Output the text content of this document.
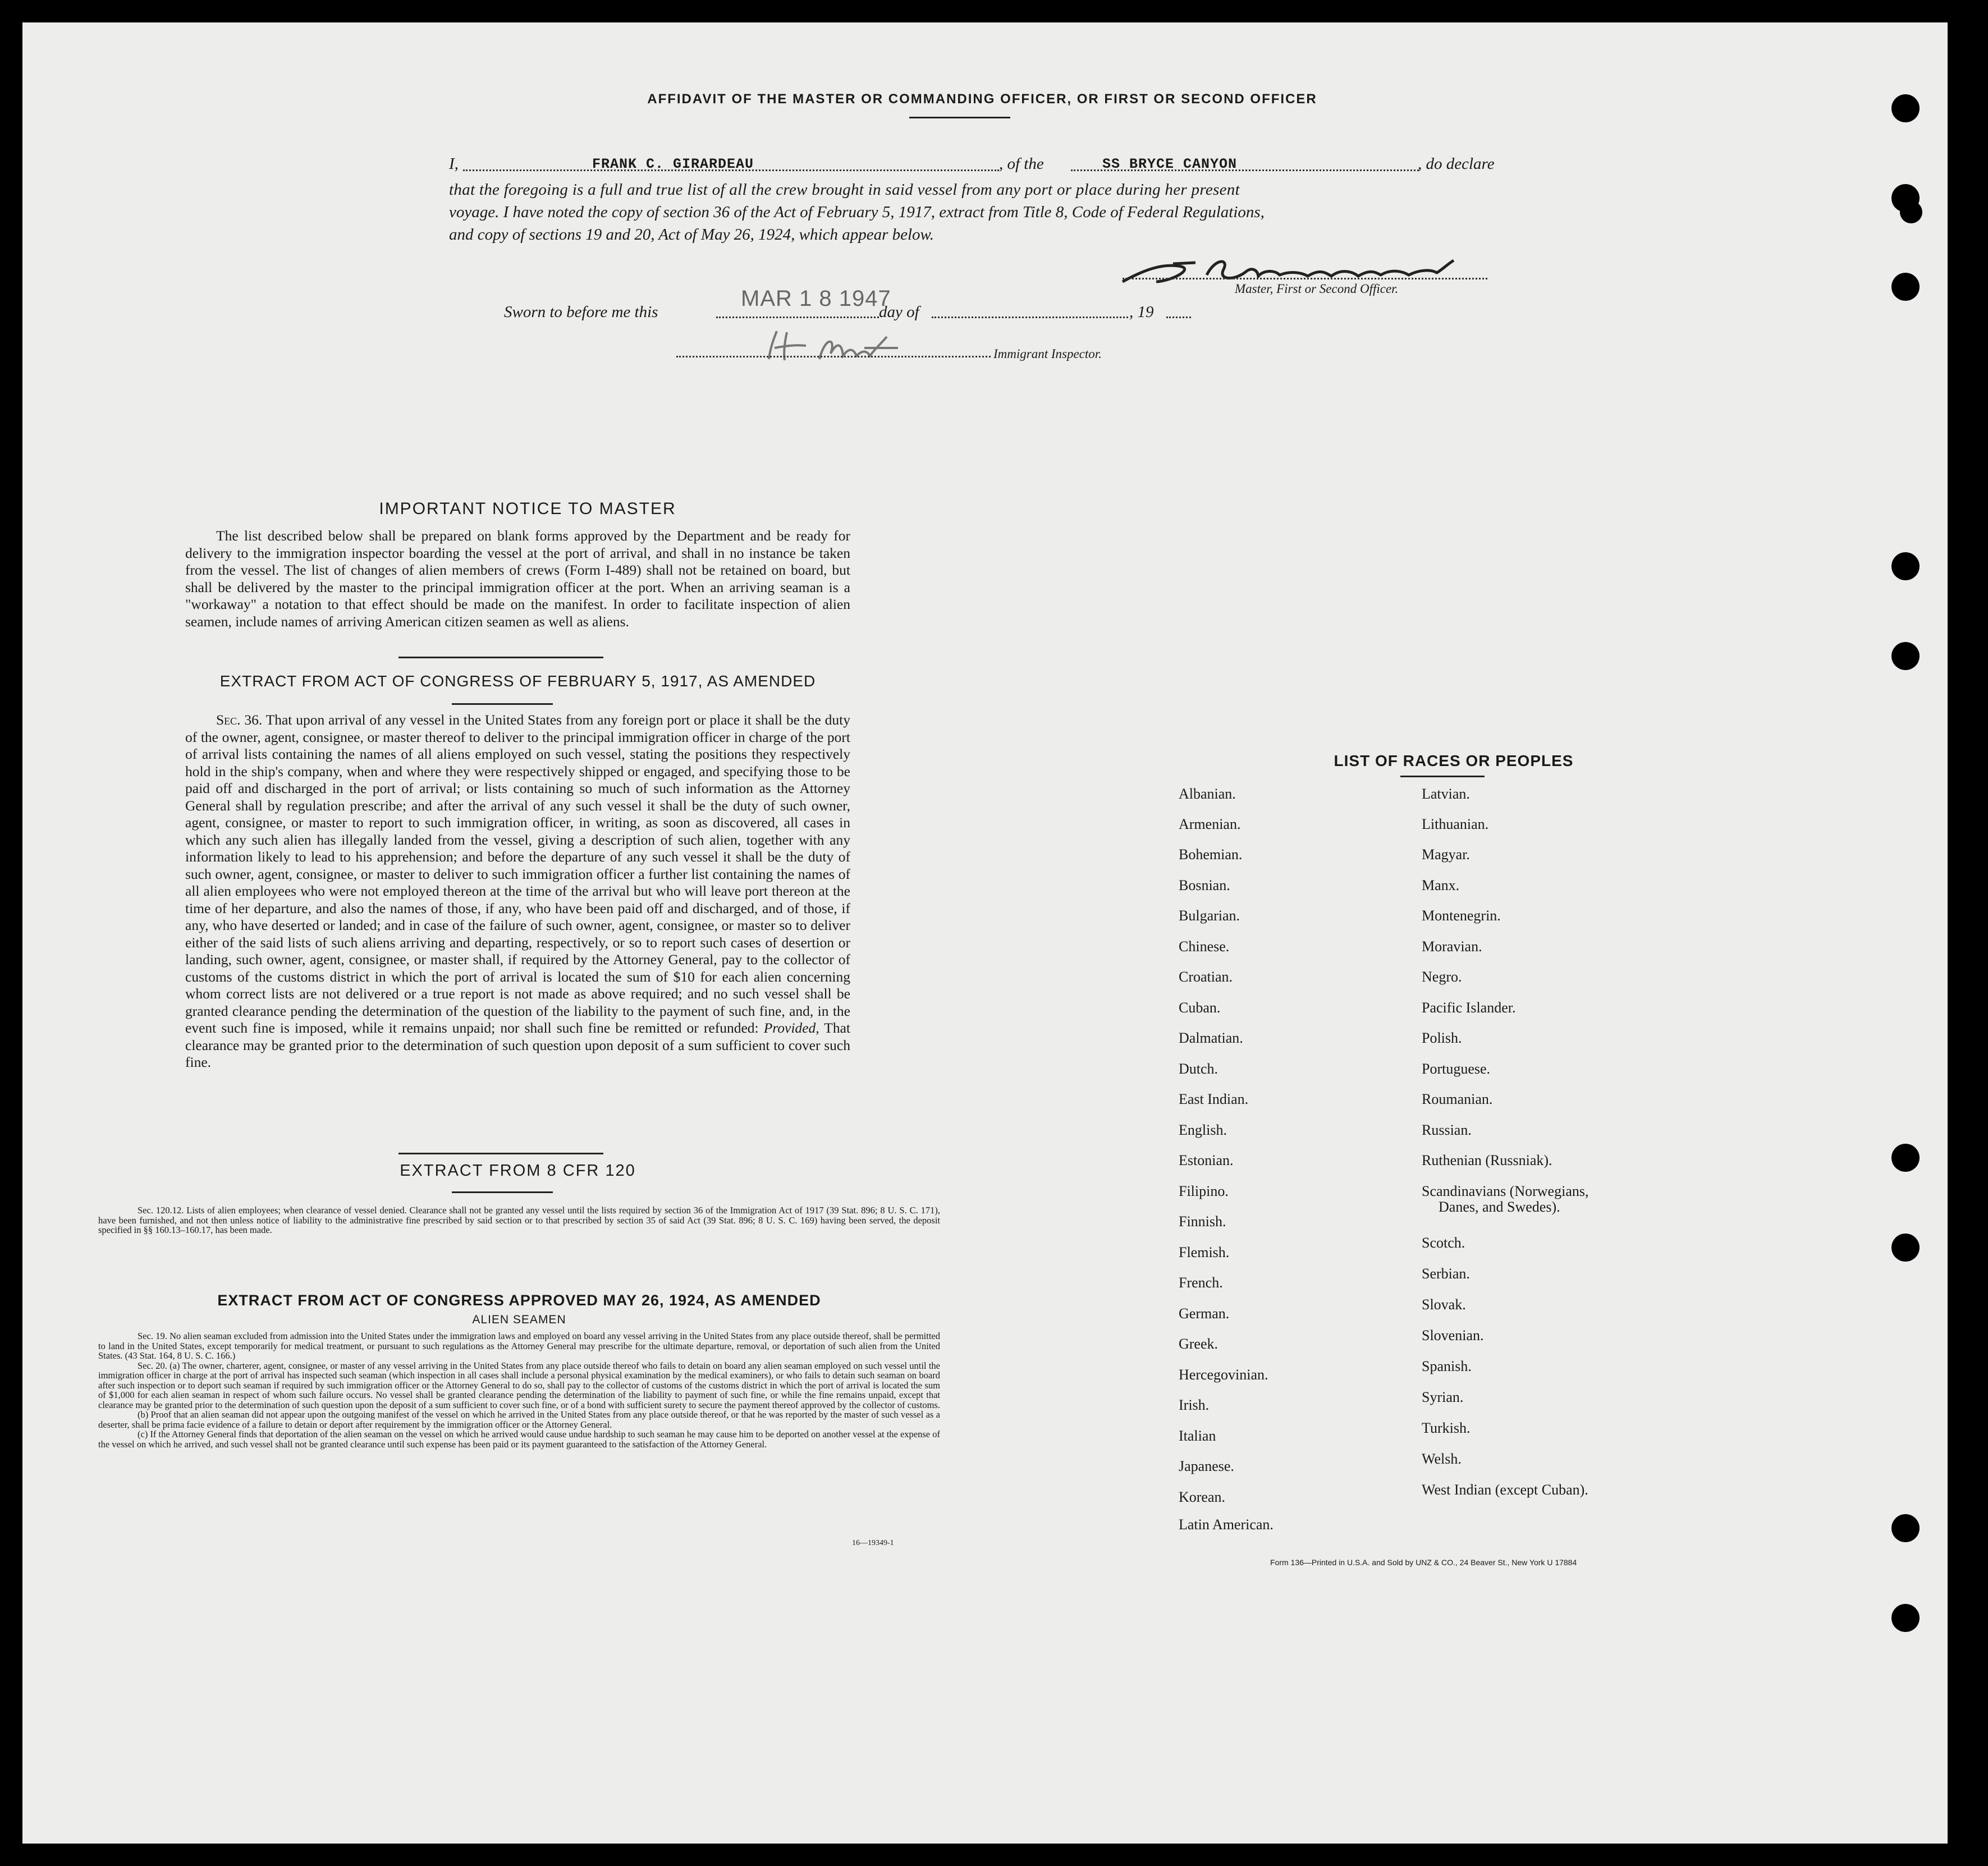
AFFIDAVIT OF THE MASTER OR COMMANDING OFFICER, OR FIRST OR SECOND OFFICER
I,	FRANK C. GIRARDEAU	, of the	SS BRYCE CANYON	, do declare
that the foregoing is a full and true list of all the crew brought in said vessel from any port or place during her present
voyage. I have noted the copy of section 36 of the Act of February 5, 1917, extract from Title 8, Code of Federal Regulations,
and copy of sections 19 and 20, Act of May 26, 1924, which appear below.
Master, First or Second Officer.
Sworn to before me this
MAR 1 8 1947
day of	, 19
Immigrant Inspector.
IMPORTANT NOTICE TO MASTER
The list described below shall be prepared on blank forms approved by the Department and be ready for delivery to the immigration inspector boarding the vessel at the port of arrival, and shall in no instance be taken from the vessel. The list of changes of alien members of crews (Form I-489) shall not be retained on board, but shall be delivered by the master to the principal immigration officer at the port. When an arriving seaman is a "workaway" a notation to that effect should be made on the manifest. In order to facilitate inspection of alien seamen, include names of arriving American citizen seamen as well as aliens.
EXTRACT FROM ACT OF CONGRESS OF FEBRUARY 5, 1917, AS AMENDED
Sec. 36. That upon arrival of any vessel in the United States from any foreign port or place it shall be the duty of the owner, agent, consignee, or master thereof to deliver to the principal immigration officer in charge of the port of arrival lists containing the names of all aliens employed on such vessel, stating the positions they respectively hold in the ship's company, when and where they were respectively shipped or engaged, and specifying those to be paid off and discharged in the port of arrival; or lists containing so much of such information as the Attorney General shall by regulation prescribe; and after the arrival of any such vessel it shall be the duty of such owner, agent, consignee, or master to report to such immigration officer, in writing, as soon as discovered, all cases in which any such alien has illegally landed from the vessel, giving a description of such alien, together with any information likely to lead to his apprehension; and before the departure of any such vessel it shall be the duty of such owner, agent, consignee, or master to deliver to such immigration officer a further list containing the names of all alien employees who were not employed thereon at the time of the arrival but who will leave port thereon at the time of her departure, and also the names of those, if any, who have been paid off and discharged, and of those, if any, who have deserted or landed; and in case of the failure of such owner, agent, consignee, or master so to deliver either of the said lists of such aliens arriving and departing, respectively, or so to report such cases of desertion or landing, such owner, agent, consignee, or master shall, if required by the Attorney General, pay to the collector of customs of the customs district in which the port of arrival is located the sum of $10 for each alien concerning whom correct lists are not delivered or a true report is not made as above required; and no such vessel shall be granted clearance pending the determination of the question of the liability to the payment of such fine, and, in the event such fine is imposed, while it remains unpaid; nor shall such fine be remitted or refunded: Provided, That clearance may be granted prior to the determination of such question upon deposit of a sum sufficient to cover such fine.
EXTRACT FROM 8 CFR 120
Sec. 120.12. Lists of alien employees; when clearance of vessel denied. Clearance shall not be granted any vessel until the lists required by section 36 of the Immigration Act of 1917 (39 Stat. 896; 8 U. S. C. 171), have been furnished, and not then unless notice of liability to the administrative fine prescribed by said section or to that prescribed by section 35 of said Act (39 Stat. 896; 8 U. S. C. 169) having been served, the deposit specified in §§ 160.13–160.17, has been made.
EXTRACT FROM ACT OF CONGRESS APPROVED MAY 26, 1924, AS AMENDED
ALIEN SEAMEN
Sec. 19. No alien seaman excluded from admission into the United States under the immigration laws and employed on board any vessel arriving in the United States from any place outside thereof, shall be permitted to land in the United States, except temporarily for medical treatment, or pursuant to such regulations as the Attorney General may prescribe for the ultimate departure, removal, or deportation of such alien from the United States. (43 Stat. 164, 8 U. S. C. 166.)
Sec. 20. (a) The owner, charterer, agent, consignee, or master of any vessel arriving in the United States from any place outside thereof who fails to detain on board any alien seaman employed on such vessel until the immigration officer in charge at the port of arrival has inspected such seaman (which inspection in all cases shall include a personal physical examination by the medical examiners), or who fails to detain such seaman on board after such inspection or to deport such seaman if required by such immigration officer or the Attorney General to do so, shall pay to the collector of customs of the customs district in which the port of arrival is located the sum of $1,000 for each alien seaman in respect of whom such failure occurs. No vessel shall be granted clearance pending the determination of the liability to payment of such fine, or while the fine remains unpaid, except that clearance may be granted prior to the determination of such question upon the deposit of a sum sufficient to cover such fine, or of a bond with sufficient surety to secure the payment thereof approved by the collector of customs.
(b) Proof that an alien seaman did not appear upon the outgoing manifest of the vessel on which he arrived in the United States from any place outside thereof, or that he was reported by the master of such vessel as a deserter, shall be prima facie evidence of a failure to detain or deport after requirement by the immigration officer or the Attorney General.
(c) If the Attorney General finds that deportation of the alien seaman on the vessel on which he arrived would cause undue hardship to such seaman he may cause him to be deported on another vessel at the expense of the vessel on which he arrived, and such vessel shall not be granted clearance until such expense has been paid or its payment guaranteed to the satisfaction of the Attorney General.
16—19349-1
LIST OF RACES OR PEOPLES
Albanian.
Armenian.
Bohemian.
Bosnian.
Bulgarian.
Chinese.
Croatian.
Cuban.
Dalmatian.
Dutch.
East Indian.
English.
Estonian.
Filipino.
Finnish.
Flemish.
French.
German.
Greek.
Hercegovinian.
Irish.
Italian
Japanese.
Korean.
Latin American.
Latvian.
Lithuanian.
Magyar.
Manx.
Montenegrin.
Moravian.
Negro.
Pacific Islander.
Polish.
Portuguese.
Roumanian.
Russian.
Ruthenian (Russniak).
Scandinavians (Norwegians,
Danes, and Swedes).
Scotch.
Serbian.
Slovak.
Slovenian.
Spanish.
Syrian.
Turkish.
Welsh.
West Indian (except Cuban).
Form 136—Printed in U.S.A. and Sold by UNZ & CO., 24 Beaver St., New York U 17884
